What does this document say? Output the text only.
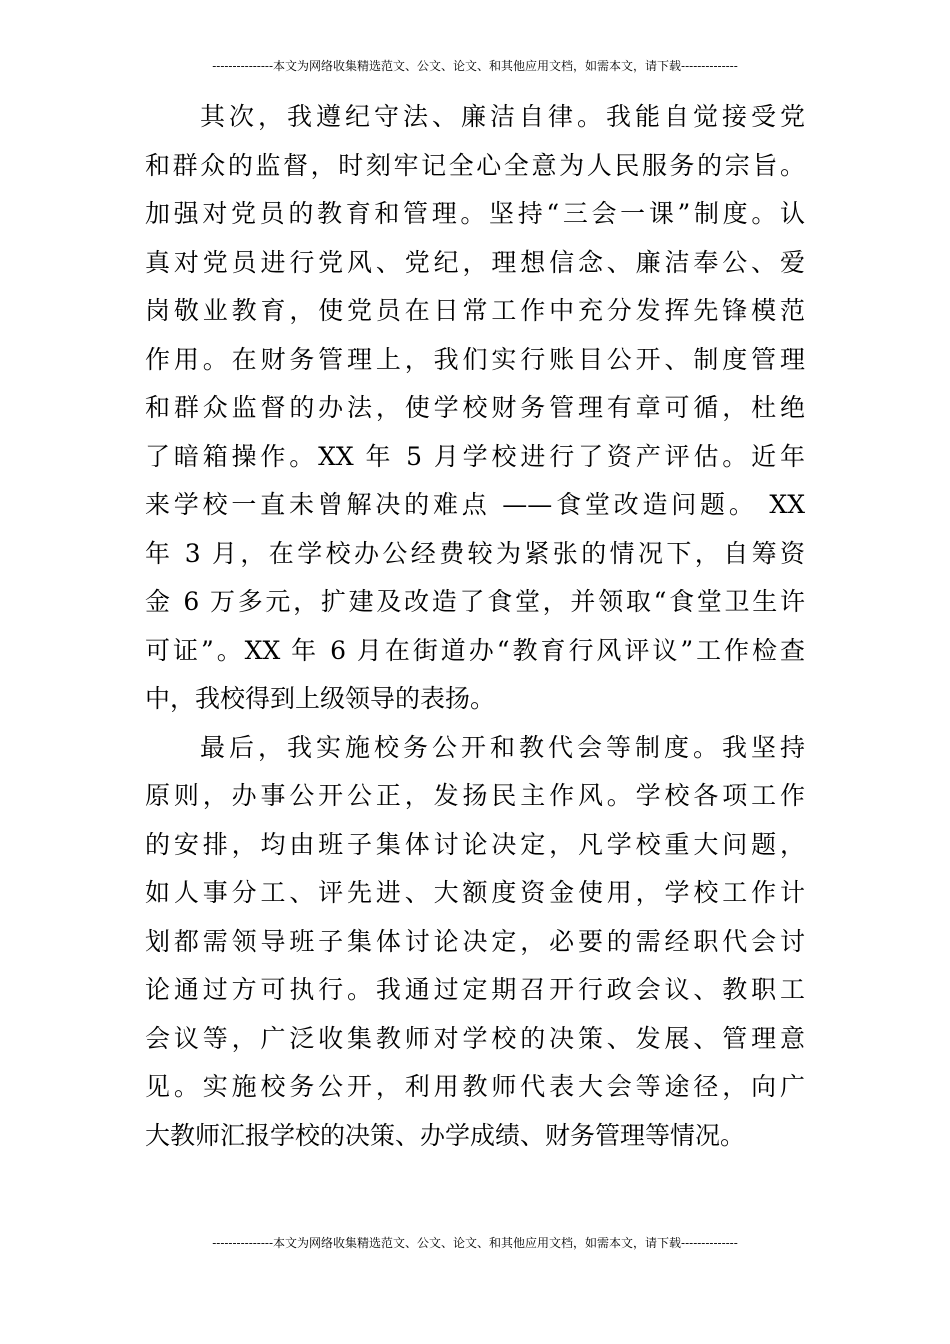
---------------本文为网络收集精选范文、公文、论文、和其他应用文档，如需本文，请下载--------------
其次，我遵纪守法、廉洁自律。我能自觉接受党
和群众的监督，时刻牢记全心全意为人民服务的宗旨。
加强对党员的教育和管理。坚持“三会一课”制度。认
真对党员进行党风、党纪，理想信念、廉洁奉公、爱
岗敬业教育，使党员在日常工作中充分发挥先锋模范
作用。在财务管理上，我们实行账目公开、制度管理
和群众监督的办法，使学校财务管理有章可循，杜绝
了暗箱操作。XX 年 5 月学校进行了资产评估。近年
来学校一直未曾解决的难点 ——食堂改造问题。 XX
年 3 月，在学校办公经费较为紧张的情况下，自筹资
金 6 万多元，扩建及改造了食堂，并领取“食堂卫生许
可证”。XX 年 6 月在街道办“教育行风评议”工作检查
中，我校得到上级领导的表扬。
最后，我实施校务公开和教代会等制度。我坚持
原则，办事公开公正，发扬民主作风。学校各项工作
的安排，均由班子集体讨论决定，凡学校重大问题，
如人事分工、评先进、大额度资金使用，学校工作计
划都需领导班子集体讨论决定，必要的需经职代会讨
论通过方可执行。我通过定期召开行政会议、教职工
会议等，广泛收集教师对学校的决策、发展、管理意
见。实施校务公开，利用教师代表大会等途径，向广
大教师汇报学校的决策、办学成绩、财务管理等情况。
---------------本文为网络收集精选范文、公文、论文、和其他应用文档，如需本文，请下载--------------
